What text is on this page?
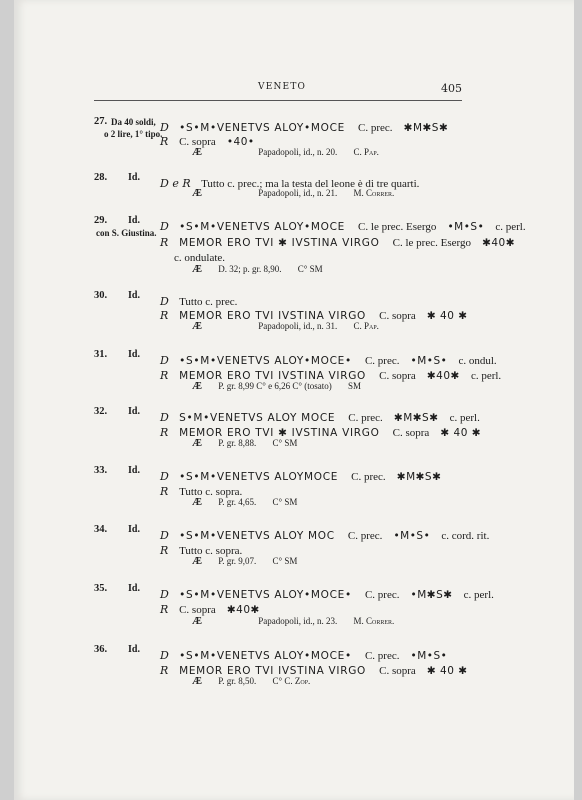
VENETO	405
27. Da 40 soldi,
o 2 lire, 1° tipo.
D •S•M•VENETVS ALOY•MOCE C. prec. ✱M✱S✱
R C. sopra •40•
Æ	Papadopoli, id., n. 20. C. Pap.
28. Id. D e R Tutto c. prec.; ma la testa del leone è di tre quarti.
Æ	Papadopoli, id., n. 21. M. Correr.
29. Id.
con S. Giustina. D •S•M•VENETVS ALOY•MOCE C. le prec. Esergo •M•S• c. perl.
R MEMOR ERO TVI ✱ IVSTINA VIRGO C. le prec. Esergo ✱40✱
c. ondulate.
Æ D. 32; p. gr. 8,90. C° SM
30. Id. D Tutto c. prec.
R MEMOR ERO TVI IVSTINA VIRGO C. sopra ✱ 40 ✱
Æ	Papadopoli, id., n. 31. C. Pap.
31. Id. D •S•M•VENETVS ALOY•MOCE• C. prec. •M•S• c. ondul.
R MEMOR ERO TVI IVSTINA VIRGO C. sopra ✱40✱ c. perl.
Æ P. gr. 8,99 C° e 6,26 C° (tosato) SM
32. Id. D S•M•VENETVS ALOY MOCE C. prec. ✱M✱S✱ c. perl.
R MEMOR ERO TVI ✱ IVSTINA VIRGO C. sopra ✱ 40 ✱
Æ P. gr. 8,88. C° SM
33. Id. D •S•M•VENETVS ALOYMOCE C. prec. ✱M✱S✱
R Tutto c. sopra.
Æ P. gr. 4,65. C° SM
34. Id. D •S•M•VENETVS ALOY MOC C. prec. •M•S• c. cord. rit.
R Tutto c. sopra.
Æ P. gr. 9,07. C° SM
35. Id. D •S•M•VENETVS ALOY•MOCE• C. prec. •M✱S✱ c. perl.
R C. sopra ✱40✱
Æ	Papadopoli, id., n. 23. M. Correr.
36. Id. D •S•M•VENETVS ALOY•MOCE• C. prec. •M•S•
R MEMOR ERO TVI IVSTINA VIRGO C. sopra ✱ 40 ✱
Æ P. gr. 8,50. C° C. Zop.
